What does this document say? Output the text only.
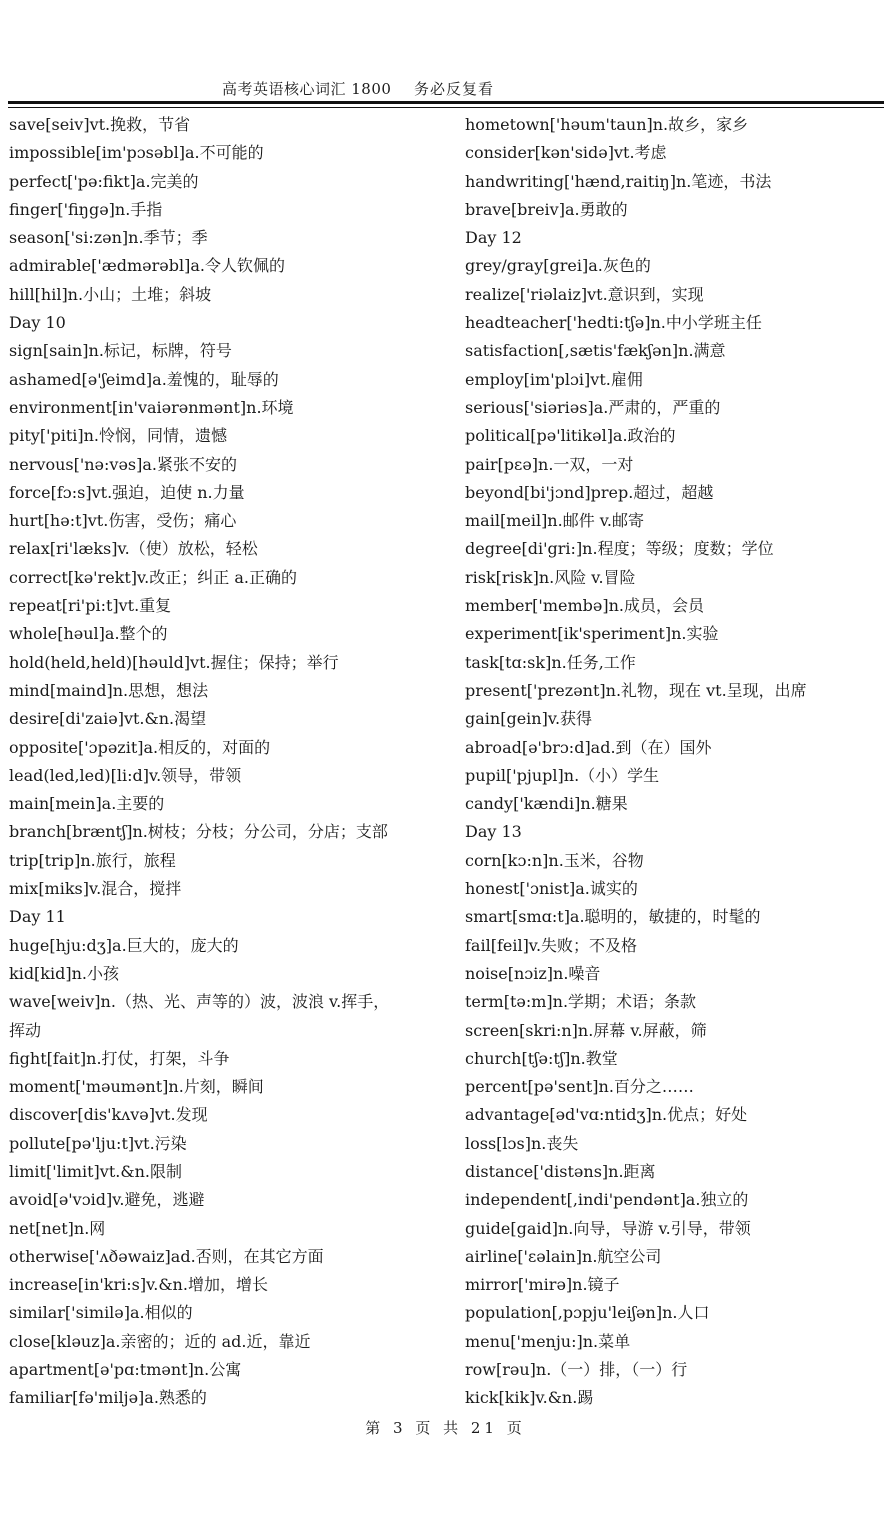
高考英语核心词汇 1800 务必反复看
save[seiv]vt.挽救，节省
impossible[im'pɔsəbl]a.不可能的
perfect['pə:fikt]a.完美的
finger['fiŋgə]n.手指
season['si:zən]n.季节；季
admirable['ædmərəbl]a.令人钦佩的
hill[hil]n.小山；土堆；斜坡
Day 10
sign[sain]n.标记，标牌，符号
ashamed[ə'ʃeimd]a.羞愧的，耻辱的
environment[in'vaiərənmənt]n.环境
pity['piti]n.怜悯，同情，遗憾
nervous['nə:vəs]a.紧张不安的
force[fɔ:s]vt.强迫，迫使 n.力量
hurt[hə:t]vt.伤害，受伤；痛心
relax[ri'læks]v.（使）放松，轻松
correct[kə'rekt]v.改正；纠正 a.正确的
repeat[ri'pi:t]vt.重复
whole[həul]a.整个的
hold(held,held)[həuld]vt.握住；保持；举行
mind[maind]n.思想，想法
desire[di'zaiə]vt.&n.渴望
opposite['ɔpəzit]a.相反的，对面的
lead(led,led)[li:d]v.领导，带领
main[mein]a.主要的
branch[bræntʃ]n.树枝；分枝；分公司，分店；支部
trip[trip]n.旅行，旅程
mix[miks]v.混合，搅拌
Day 11
huge[hju:dʒ]a.巨大的，庞大的
kid[kid]n.小孩
wave[weiv]n.（热、光、声等的）波，波浪 v.挥手，
挥动
fight[fait]n.打仗，打架，斗争
moment['məumənt]n.片刻，瞬间
discover[dis'kʌvə]vt.发现
pollute[pə'lju:t]vt.污染
limit['limit]vt.&n.限制
avoid[ə'vɔid]v.避免，逃避
net[net]n.网
otherwise['ʌðəwaiz]ad.否则，在其它方面
increase[in'kri:s]v.&n.增加，增长
similar['similə]a.相似的
close[kləuz]a.亲密的；近的 ad.近，靠近
apartment[ə'pɑ:tmənt]n.公寓
familiar[fə'miljə]a.熟悉的
hometown['həum'taun]n.故乡，家乡
consider[kən'sidə]vt.考虑
handwriting['hænd,raitiŋ]n.笔迹，书法
brave[breiv]a.勇敢的
Day 12
grey/gray[grei]a.灰色的
realize['riəlaiz]vt.意识到，实现
headteacher['hedti:tʃə]n.中小学班主任
satisfaction[,sætis'fækʃən]n.满意
employ[im'plɔi]vt.雇佣
serious['siəriəs]a.严肃的，严重的
political[pə'litikəl]a.政治的
pair[pɛə]n.一双，一对
beyond[bi'jɔnd]prep.超过，超越
mail[meil]n.邮件 v.邮寄
degree[di'gri:]n.程度；等级；度数；学位
risk[risk]n.风险 v.冒险
member['membə]n.成员，会员
experiment[ik'speriment]n.实验
task[tɑ:sk]n.任务,工作
present['prezənt]n.礼物，现在 vt.呈现，出席
gain[gein]v.获得
abroad[ə'brɔ:d]ad.到（在）国外
pupil['pjupl]n.（小）学生
candy['kændi]n.糖果
Day 13
corn[kɔ:n]n.玉米，谷物
honest['ɔnist]a.诚实的
smart[smɑ:t]a.聪明的，敏捷的，时髦的
fail[feil]v.失败；不及格
noise[nɔiz]n.噪音
term[tə:m]n.学期；术语；条款
screen[skri:n]n.屏幕 v.屏蔽，筛
church[tʃə:tʃ]n.教堂
percent[pə'sent]n.百分之……
advantage[əd'vɑ:ntidʒ]n.优点；好处
loss[lɔs]n.丧失
distance['distəns]n.距离
independent[,indi'pendənt]a.独立的
guide[gaid]n.向导，导游 v.引导，带领
airline['ɛəlain]n.航空公司
mirror['mirə]n.镜子
population[,pɔpju'leiʃən]n.人口
menu['menju:]n.菜单
row[rəu]n.（一）排，（一）行
kick[kik]v.&n.踢
第 3 页 共 21 页
